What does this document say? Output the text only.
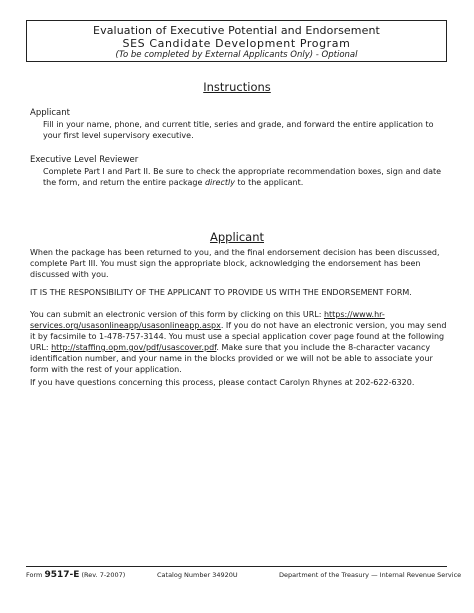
Evaluation of Executive Potential and Endorsement
SES Candidate Development Program
(To be completed by External Applicants Only) - Optional
Instructions
Applicant

Fill in your name, phone, and current title, series and grade, and forward the entire application to your first level supervisory executive.

Executive Level Reviewer

Complete Part I and Part II. Be sure to check the appropriate recommendation boxes, sign and date the form, and return the entire package directly to the applicant.

Applicant

When the package has been returned to you, and the final endorsement decision has been discussed, complete Part III. You must sign the appropriate block, acknowledging the endorsement has been discussed with you.

IT IS THE RESPONSIBILITY OF THE APPLICANT TO PROVIDE US WITH THE ENDORSEMENT FORM.

You can submit an electronic version of this form by clicking on this URL: https://www.hr-services.org/usasonlineapp/usasonlineapp.aspx. If you do not have an electronic version, you may send it by facsimile to 1-478-757-3144. You must use a special application cover page found at the following URL: http://staffing.opm.gov/pdf/usascover.pdf. Make sure that you include the 8-character vacancy identification number, and your name in the blocks provided or we will not be able to associate your form with the rest of your application.

If you have questions concerning this process, please contact Carolyn Rhynes at 202-622-6320.

Form 9517-E (Rev. 7-2007)	Catalog Number 34920U	Department of the Treasury — Internal Revenue Service
